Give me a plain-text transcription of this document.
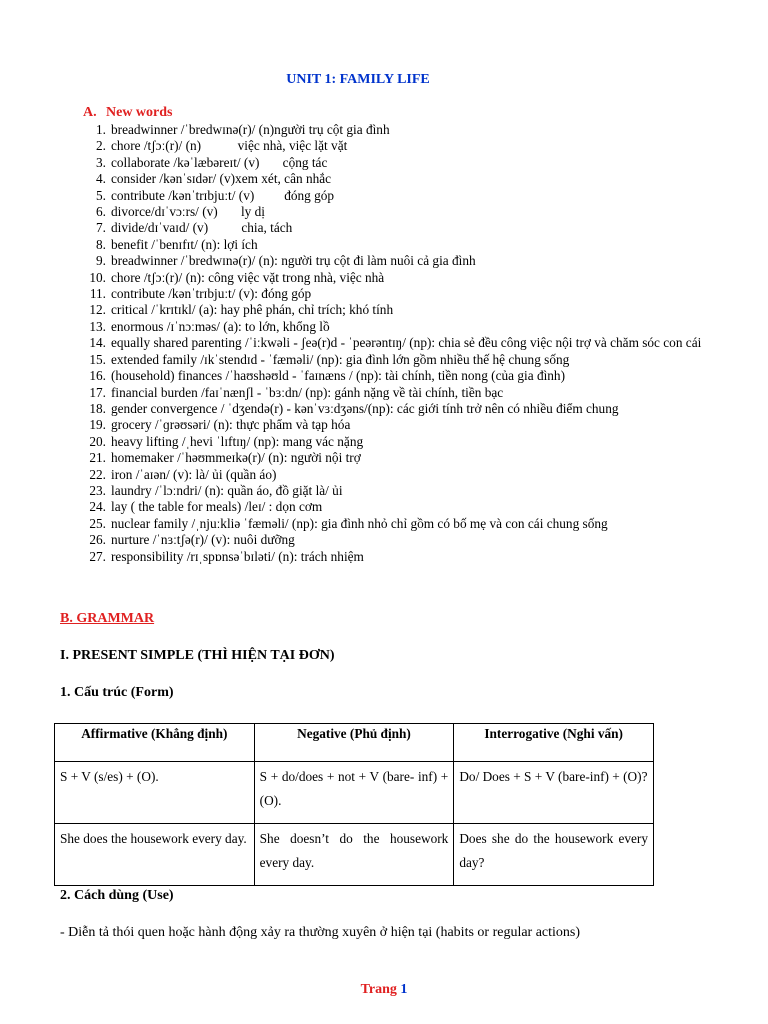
UNIT 1: FAMILY LIFE
A. New words
1. breadwinner /ˈbredwɪnə(r)/ (n)người trụ cột gia đình
2. chore /tʃɔː(r)/ (n)           việc nhà, việc lặt vặt
3. collaborate /kəˈlæbəreɪt/ (v)       cộng tác
4. consider /kənˈsɪdər/ (v)xem xét, cân nhắc
5. contribute /kənˈtrɪbjuːt/ (v)         đóng góp
6. divorce/dɪˈvɔːrs/ (v)       ly dị
7. divide/dɪˈvaɪd/ (v)          chia, tách
8. benefit /ˈbenɪfɪt/ (n): lợi ích
9. breadwinner /ˈbredwɪnə(r)/ (n): người trụ cột đi làm nuôi cả gia đình
10. chore /tʃɔː(r)/ (n): công việc vặt trong nhà, việc nhà
11. contribute /kənˈtrɪbjuːt/ (v): đóng góp
12. critical /ˈkrɪtɪkl/ (a): hay phê phán, chỉ trích; khó tính
13. enormous /ɪˈnɔːməs/ (a): to lớn, khổng lồ
14. equally shared parenting /ˈiːkwəli - ʃeə(r)d - ˈpeərəntɪŋ/ (np): chia sẻ đều công việc nội trợ và chăm sóc con cái
15. extended family /ɪkˈstendɪd - ˈfæməli/ (np): gia đình lớn gồm nhiều thế hệ chung sống
16. (household) finances /ˈhaʊshəʊld - ˈfaɪnæns / (np): tài chính, tiền nong (của gia đình)
17. financial burden /faɪˈnænʃl - ˈbɜːdn/ (np): gánh nặng về tài chính, tiền bạc
18. gender convergence / ˈdʒendə(r) - kənˈvɜːdʒəns/(np): các giới tính trở nên có nhiều điểm chung
19. grocery /ˈɡrəʊsəri/ (n): thực phẩm và tạp hóa
20. heavy lifting /ˌhevi ˈlɪftɪŋ/ (np): mang vác nặng
21. homemaker /ˈhəʊmmeɪkə(r)/ (n): người nội trợ
22. iron /ˈaɪən/ (v): là/ ủi (quần áo)
23. laundry /ˈlɔːndri/ (n): quần áo, đồ giặt là/ ủi
24. lay ( the table for meals) /leɪ/ : dọn cơm
25. nuclear family /ˌnjuːkliə ˈfæməli/ (np): gia đình nhỏ chỉ gồm có bố mẹ và con cái chung sống
26. nurture /ˈnɜːtʃə(r)/ (v): nuôi dưỡng
27. responsibility /rɪˌspɒnsəˈbɪləti/ (n): trách nhiệm
B. GRAMMAR
I. PRESENT SIMPLE (THÌ HIỆN TẠI ĐƠN)
1. Cấu trúc (Form)
Affirmative (Khẳng định)	Negative (Phủ định)	Interrogative (Nghi vấn)
S + V (s/es) + (O).	S + do/does + not + V (bare- inf) + (O).	Do/ Does + S + V (bare-inf) + (O)?
She does the housework every day.	She doesn’t do the housework every day.	Does she do the housework every day?
2. Cách dùng (Use)
- Diễn tả thói quen hoặc hành động xảy ra thường xuyên ở hiện tại (habits or regular actions)
Trang 1
